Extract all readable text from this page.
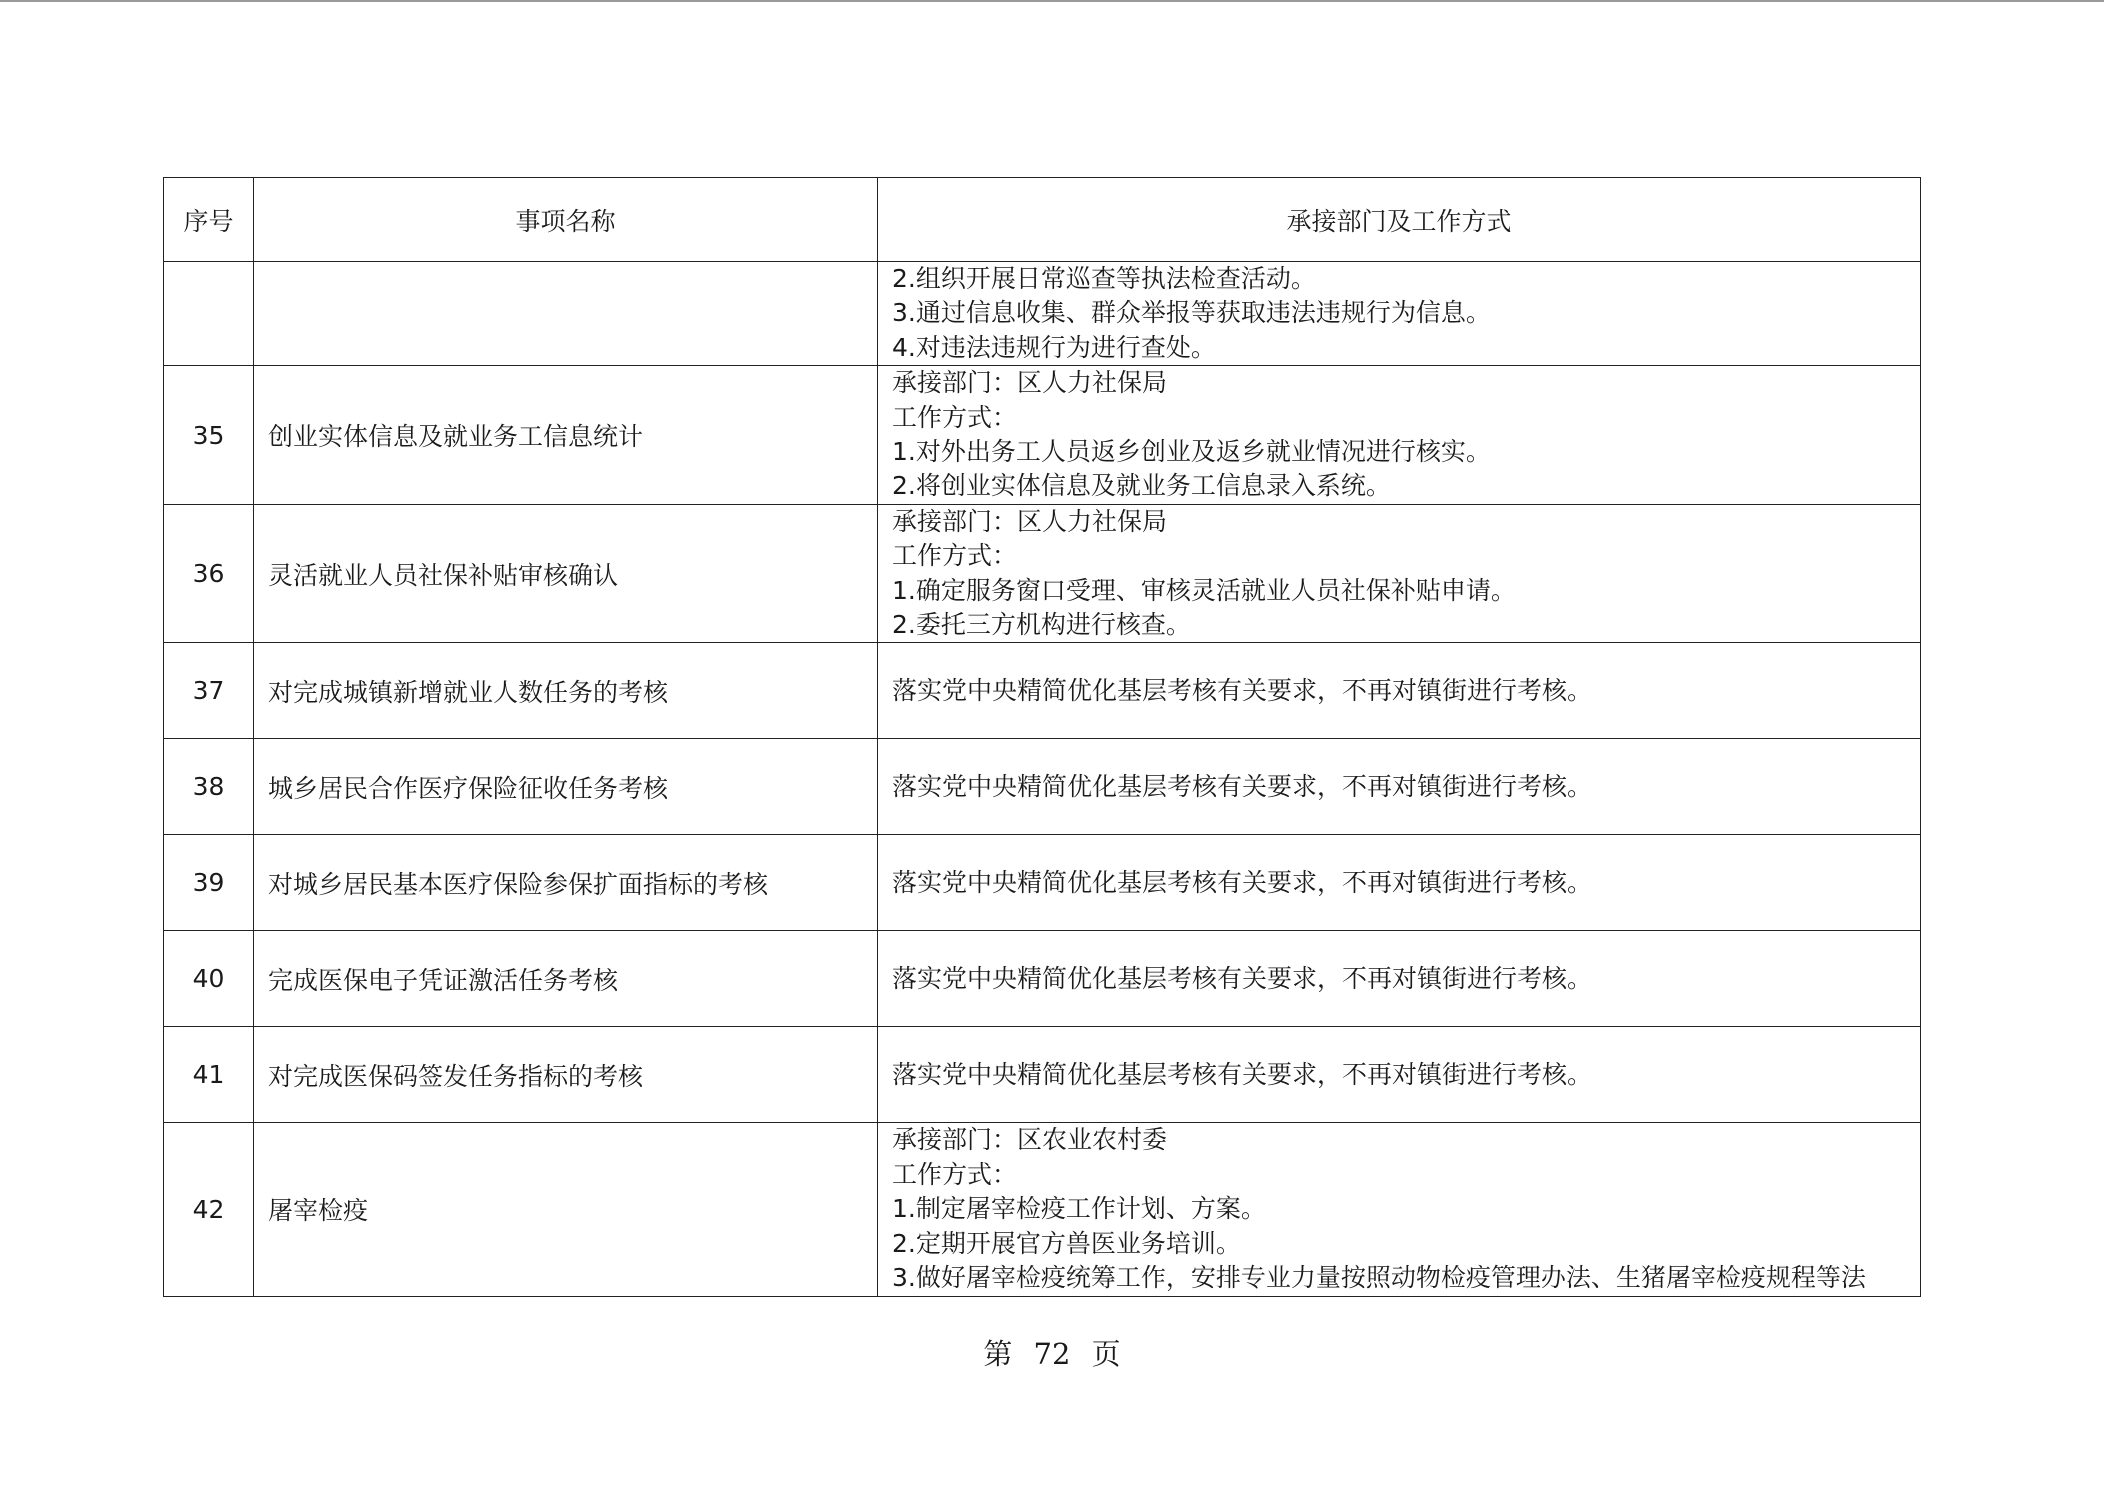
序号	事项名称	承接部门及工作方式

		2.组织开展日常巡查等执法检查活动。
3.通过信息收集、群众举报等获取违法违规行为信息。
4.对违法违规行为进行查处。

35	创业实体信息及就业务工信息统计	承接部门：区人力社保局
工作方式：
1.对外出务工人员返乡创业及返乡就业情况进行核实。
2.将创业实体信息及就业务工信息录入系统。

36	灵活就业人员社保补贴审核确认	承接部门：区人力社保局
工作方式：
1.确定服务窗口受理、审核灵活就业人员社保补贴申请。
2.委托三方机构进行核查。

37	对完成城镇新增就业人数任务的考核	落实党中央精简优化基层考核有关要求，不再对镇街进行考核。

38	城乡居民合作医疗保险征收任务考核	落实党中央精简优化基层考核有关要求，不再对镇街进行考核。

39	对城乡居民基本医疗保险参保扩面指标的考核	落实党中央精简优化基层考核有关要求，不再对镇街进行考核。

40	完成医保电子凭证激活任务考核	落实党中央精简优化基层考核有关要求，不再对镇街进行考核。

41	对完成医保码签发任务指标的考核	落实党中央精简优化基层考核有关要求，不再对镇街进行考核。

42	屠宰检疫	承接部门：区农业农村委
工作方式：
1.制定屠宰检疫工作计划、方案。
2.定期开展官方兽医业务培训。
3.做好屠宰检疫统筹工作，安排专业力量按照动物检疫管理办法、生猪屠宰检疫规程等法
第 72 页
